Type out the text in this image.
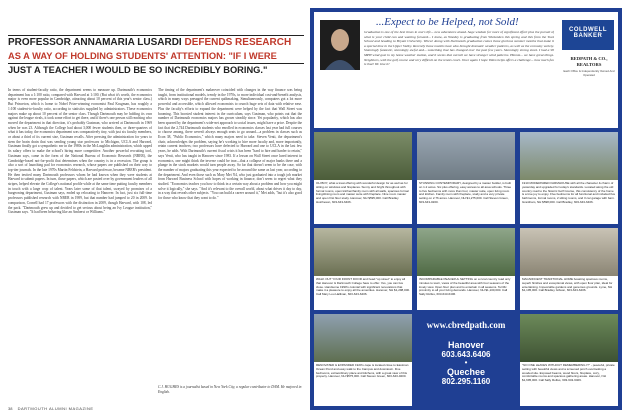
PROFESSOR ANNAMARIA LUSARDI DEFENDS RESEARCH
AS A WAY OF HOLDING STUDENTS' ATTENTION: "IF I WERE
JUST A TEACHER I WOULD BE SO INCREDIBLY BORING."
In terms of student-faculty ratio, the department seems to measure up. Dartmouth's economics department has a 1:100 ratio, compared with Harvard at 1:100. (But what it's worth, the economics major is even more popular in Cambridge, attracting about 10 percent of this year's senior class.) But Princeton, which is home to Nobel Prize-winning economist Paul Krugman, has roughly a 1:100 student-to-faculty ratio, according to statistics supplied by administrators. These economics majors make up about 10 percent of the senior class. Though Dartmouth may be holding its own against the league rivals, it took some effort to get there, and if there's one person still reaching who moved the department in that direction, it's probably Gustman, who arrived at Dartmouth in 1969 when he was 23. Although the College had about 3,000 fewer students then, or three-quarters of what it has today, the economics department was comparatively tiny, with just six faculty members, or about a third of its current size, Gustman recalls. After pressing the administration for years to stem the brain drain that was sending young star professors to Michigan, UCLA and Harvard, Gustman finally got a sympathetic ear in the 1980s in the McLaughlin administration, which upped its salary offers to make the school's hiring more competitive. Another powerful recruiting tool, Gustman says, came in the form of the National Bureau of Economic Research (NBER), the Cambridge-based not-for-profit that determines when the country is in a recession. The group is also a sort of launching pad for economics research, whose papers are published on their way to top-tier journals. In the late 1970s Martin Feldstein, a Harvard professor, became NBER's president. He then invited many Dartmouth professors whom he had known when they were students at Harvard to submit papers. In turn, those papers, which are posted over by government leaders of all stripes, helped elevate the College's national profile while at the same time putting faculty members in touch with a large crop of talent. Years later some of that talent, swayed by promises of a burgeoning department, Gustman says, ended up relocating to Hanover. In fact, just six full-time professors published research with NBER in 1989, but that number had jumped to 20 in 2009. In comparison, Cornell had 17 professors with the distinction in 2009, though Harvard, with 108, led the pack. "Dartmouth grew up and decided to get serious about being an Ivy League institution," Gustman says. "It had been behaving like an Amherst or Williams."
The timing of the department's makeover coincided with changes in the way finance was being taught, from institutional models, trendy in the 1970s, to more individual cost-and-benefit analysis, which in many ways presaged the current quiltmaking. Simultaneously, computers got a lot more powerful and accessible, which allowed economists to crunch huge sets of data with relative ease. Plus the faculty's efforts to expand the department were helped by the fact that Wall Street was booming. This boosted student interest in the curriculum, says Gustman, who points out that the number of Dartmouth economics majors has grown steadily since. Yet popularity, which has also been spurred by the department's wide-net approach to social issues, might have a price. Despite the fact that the 2,744 Dartmouth students who enrolled in economics classes last year had full courses to choose among, there weren't always enough seats to go around—a problem in classes such as Econ 38, "Public Economics," which many majors need to take. Steven Venti, the department's chair, acknowledges the problem, saying he's working to hire more faculty and, more importantly, retain current teachers; two professors have defected to Harvard and one to UCLA in the last few years, he adds. With Dartmouth's current fiscal crisis it has been "hard to hire and harder to retain," says Venti, who has taught in Hanover since 1983. If a lesson on Wall Street once lured interest in economics, one might think the inverse could be true—that a collapse of major banks there and a plunge in the stock markets would turn people away. So far that doesn't seem to be the case, with the number of majors graduating this year expected to be around the same as last year, according to the department. And even those such as Mary Mei '04, who just graduated into a tough job market from Harvard Business School with hopes of working in finance, don't seem to regret what they studied. "Economics teaches you how to think in a certain way about a problem and how you might solve it logically," she says. "And it's relevant to the overall world, about what drives it day to day, in a way that reveals other subjects. "You can build a career around it," Mei adds, "but it's also good for those who know that they want to do."
C.J. HUGHES is a journalist based in New York City, a regular contributor to DAM. He majored in English.
38 DARTMOUTH ALUMNI MAGAZINE
...Expect to be Helped, not Sold!
Graduation is one of the best times in one's life... new adventures ahead. Sage wisdom for more of significant effort plus the pursuit of what is your child can and wanting forward... I know, as Woodsy is graduating from Wickenden this spring and this from the Tuck School and heading to Bryant University. Whew! Along with Dartmouth graduation comes those glorious summer months that make it a special time in the Upper Valley. Recently those months have also brought dramatic weather patterns, as well as the economy variety. Stunningly fantastic, stunningly awful and... something that has changed over the past few years. Stunningly strong stock. I had a 90 MPH wind gust in my home weather station, and it seems that overall we have stronger wind patterns. Hmmm... we have great things. Neighbors, with the golf course and very difficult on the tennis court. Once again I hope Video helps offers a challenge... how much fun is that! We love it!
COLDWELL
BANKER
REDPATH & CO., REALTORS
Each Office Is Independently Owned And Operated
OH BOY, what a treat offering with wonderful design for as well as for sitting on windows and fireplaces. Sunny and bright throughout with formal rooms, open kitchen/family room with all walls, spacious formal living/dining room and master suite with fireplace. Nine room master and open first floor study. Hanover, NH $595,000. Call Bradley Hutcheson, 603-643-6406.
STUNNING CONTEMPORARY, designed by a master builder, is built on 1.2 acres. Six plus offering, easy access to all area schools. Three to five bedrooms with more than four, master suite, open living room and kitchen. Family room with fireplace, study and a very private setting on 2.76 acres. Hanover, NH $1,275,000. Call Steven Green, 603-643-0200.
1910 MODERNIZED FARMHOUSE with all the character & charm of yesterday and upgraded for today's standards. Located along the old country road to the historic Golf Course, this consistency of the home is a true joy to enjoy. Five bedrooms for all functional and included five bathrooms, formal rooms, 2 sitting rooms, and 3 car garage with barn. Grantham, NH $598,000. Call Bradley, 603-643-6406.
WALK OUT YOUR FRONT DOOR and head "up street" to enjoy all that Hanover & Dartmouth College have to offer. Yes, you can live close. Handsome 1990's colonial with significant renovations that make it a pleasure to enjoy all the amenities. Hanover, NH $1,298,000. Call Mary Lou Hallinan, 603-643-6406.
INCOMPARABLE PEACEFUL SETTING on a rural country road only minutes to town, views of the beautiful area with four seasons of the lovely view. Open floor plan and to entertain in all seasons. Terrific proximity to all your living demands. Hanover, NH $1,100,000. Call Sally Rolfes, 603-643-6406.
MAGNIFICENT TRADITIONAL HOME boasting spacious rooms, superb finishes and exceptional views, with open floor plan, ideal for entertaining. Impeccable gardens and generous grounds. Lyme, NH $1,195,000. Call Bradley Gibson, 603-643-6406.
RENOVATED & EXPANDED 1920's cape is located close to Eastman Ocean Pond and easy walk to the Campus and downtown. Five bedrooms, extraordinary place and kitchens, with a great view of this property. Hanover, NH $575,000. Call Steven Green, 603-643-0200.
www.cbredpath.com
Hanover
603.643.6406
•
Quechee
802.295.1160
"NO ONE LEAVES WITHOUT REMEMBERING IT" - peaceful, private setting with beautiful views and a screened porch overlooking a wooded site. Exposed beams, wood floors, fireplace, cozy, comfortable rooms and spacious gathering areas. Hanover, NH $1,695,000. Call Sally Rolfes, 603-643-6406.
